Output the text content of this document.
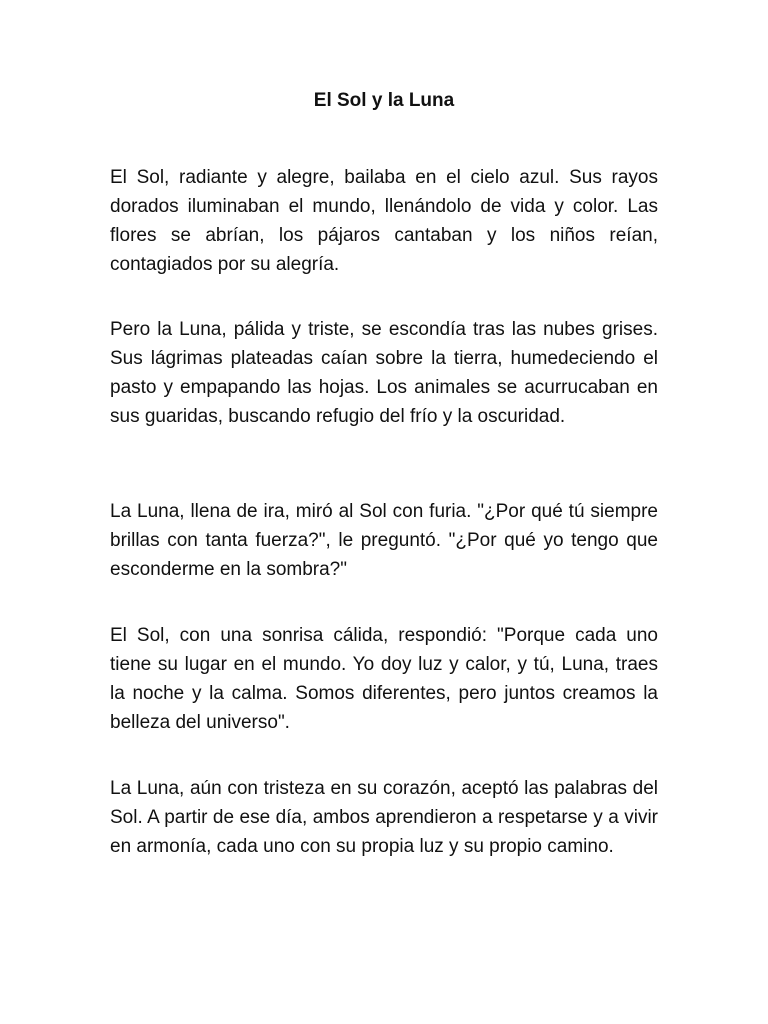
El Sol y la Luna

El Sol, radiante y alegre, bailaba en el cielo azul. Sus rayos dorados iluminaban el mundo, llenándolo de vida y color. Las flores se abrían, los pájaros cantaban y los niños reían, contagiados por su alegría.

Pero la Luna, pálida y triste, se escondía tras las nubes grises. Sus lágrimas plateadas caían sobre la tierra, humedeciendo el pasto y empapando las hojas. Los animales se acurrucaban en sus guaridas, buscando refugio del frío y la oscuridad.

La Luna, llena de ira, miró al Sol con furia. "¿Por qué tú siempre brillas con tanta fuerza?", le preguntó. "¿Por qué yo tengo que esconderme en la sombra?"

El Sol, con una sonrisa cálida, respondió: "Porque cada uno tiene su lugar en el mundo. Yo doy luz y calor, y tú, Luna, traes la noche y la calma. Somos diferentes, pero juntos creamos la belleza del universo".

La Luna, aún con tristeza en su corazón, aceptó las palabras del Sol. A partir de ese día, ambos aprendieron a respetarse y a vivir en armonía, cada uno con su propia luz y su propio camino.
